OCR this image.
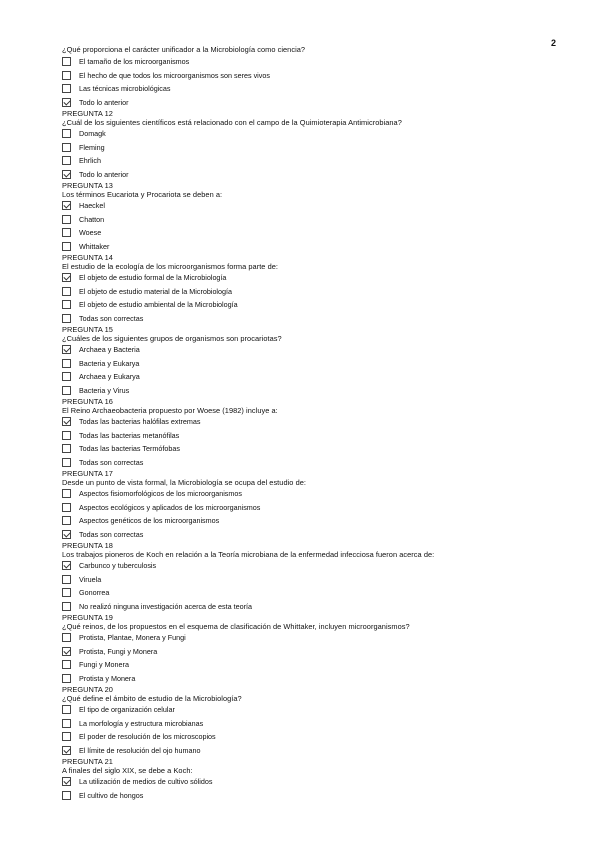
2
¿Qué proporciona el carácter unificador a la Microbiología como ciencia?
El tamaño de los microorganismos
El hecho de que todos los microorganismos son seres vivos
Las técnicas microbiológicas
Todo lo anterior
PREGUNTA 12
¿Cuál de los siguientes científicos está relacionado con el campo de la Quimioterapia Antimicrobiana?
Domagk
Fleming
Ehrlich
Todo lo anterior
PREGUNTA 13
Los términos Eucariota y Procariota se deben a:
Haeckel
Chatton
Woese
Whittaker
PREGUNTA 14
El estudio de la ecología de los microorganismos forma parte de:
El objeto de estudio formal de la Microbiología
El objeto de estudio material de la Microbiología
El objeto de estudio ambiental de la Microbiología
Todas son correctas
PREGUNTA 15
¿Cuáles de los siguientes grupos de organismos son procariotas?
Archaea y Bacteria
Bacteria y Eukarya
Archaea y Eukarya
Bacteria y Virus
PREGUNTA 16
El Reino Archaeobacteria propuesto por Woese (1982) incluye a:
Todas las bacterias halófilas extremas
Todas las bacterias metanófilas
Todas las bacterias Termófobas
Todas son correctas
PREGUNTA 17
Desde un punto de vista formal, la Microbiología se ocupa del estudio de:
Aspectos fisiomorfológicos de los microorganismos
Aspectos ecológicos y aplicados de los microorganismos
Aspectos genéticos de los microorganismos
Todas son correctas
PREGUNTA 18
Los trabajos pioneros de Koch en relación a la Teoría microbiana de la enfermedad infecciosa fueron acerca de:
Carbunco y tuberculosis
Viruela
Gonorrea
No realizó ninguna investigación acerca de esta teoría
PREGUNTA 19
¿Qué reinos, de los propuestos en el esquema de clasificación de Whittaker, incluyen microorganismos?
Protista, Plantae, Monera y Fungi
Protista, Fungi y Monera
Fungi y Monera
Protista y Monera
PREGUNTA 20
¿Qué define el ámbito de estudio de la Microbiología?
El tipo de organización celular
La morfología y estructura microbianas
El poder de resolución de los microscopios
El límite de resolución del ojo humano
PREGUNTA 21
A finales del siglo XIX, se debe a Koch:
La utilización de medios de cultivo sólidos
El cultivo de hongos
